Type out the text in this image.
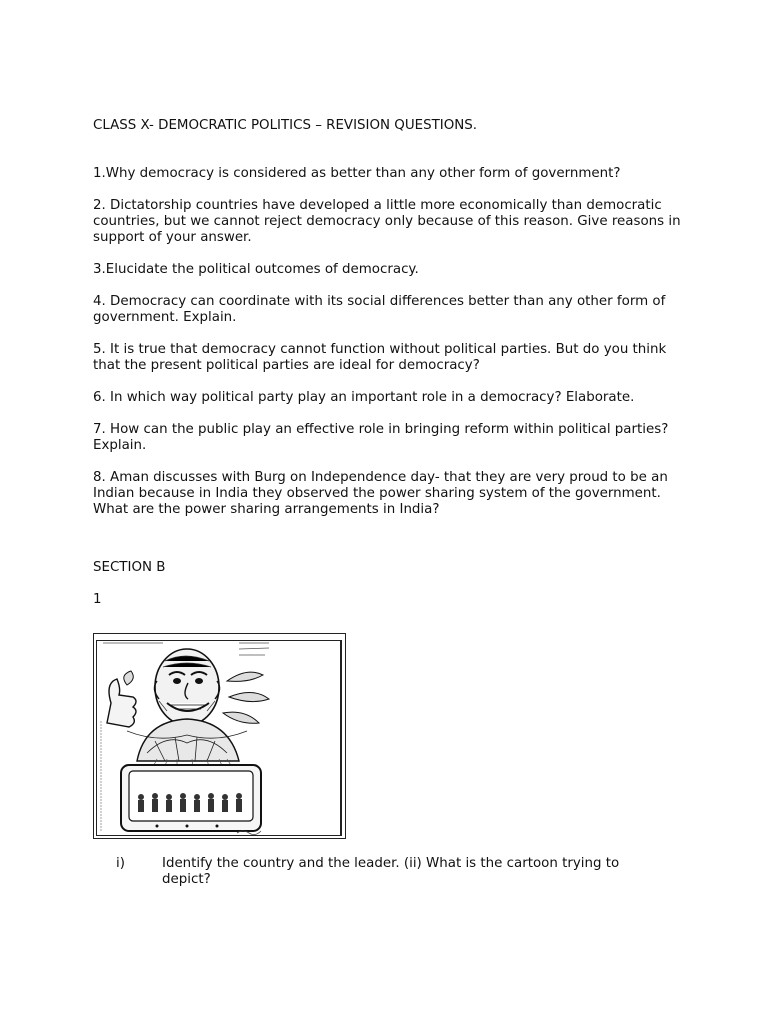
CLASS X- DEMOCRATIC POLITICS – REVISION QUESTIONS.
1.Why democracy is considered as better than any other form of government?
2. Dictatorship countries have developed a little more economically than democratic countries, but we cannot reject democracy only because of this reason. Give reasons in support of your answer.
3.Elucidate the political outcomes of democracy.
4. Democracy can coordinate with its social differences better than any other form of government. Explain.
5. It is true that democracy cannot function without political parties. But do you think that the present political parties are ideal for democracy?
6. In which way political party play an important role in a democracy? Elaborate.
7. How can the public play an effective role in bringing reform within political parties? Explain.
8. Aman discusses with Burg on Independence day- that they are very proud to be an Indian because in India they observed the power sharing system of the government. What are the power sharing arrangements in India?
SECTION B
1
i)	Identify the country and the leader. (ii) What is the cartoon trying to depict?
